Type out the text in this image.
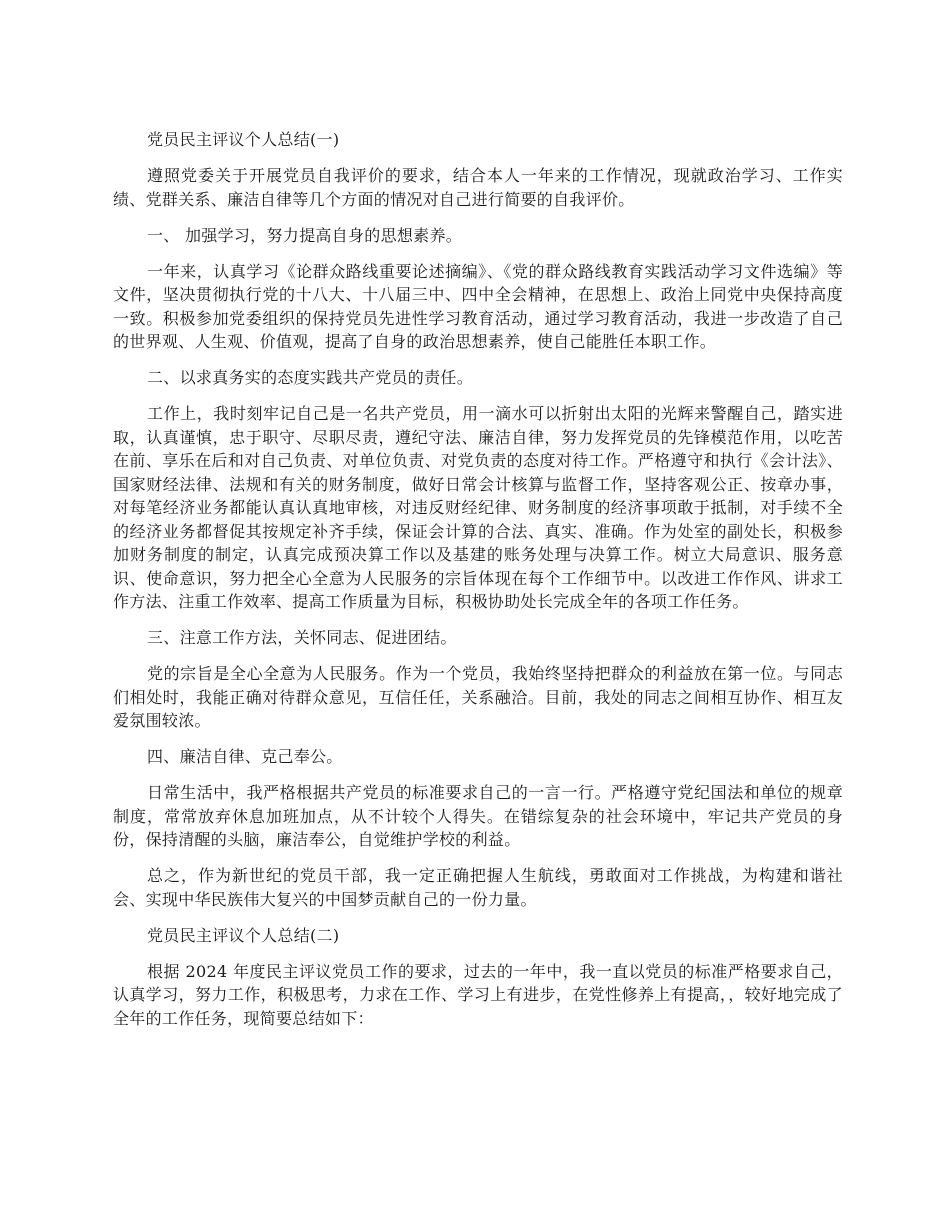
党员民主评议个人总结(一)

遵照党委关于开展党员自我评价的要求，结合本人一年来的工作情况，现就政治学习、工作实绩、党群关系、廉洁自律等几个方面的情况对自己进行简要的自我评价。

一、 加强学习，努力提高自身的思想素养。

一年来，认真学习《论群众路线重要论述摘编》、《党的群众路线教育实践活动学习文件选编》等文件，坚决贯彻执行党的十八大、十八届三中、四中全会精神，在思想上、政治上同党中央保持高度一致。积极参加党委组织的保持党员先进性学习教育活动，通过学习教育活动，我进一步改造了自己的世界观、人生观、价值观，提高了自身的政治思想素养，使自己能胜任本职工作。

二、以求真务实的态度实践共产党员的责任。

工作上，我时刻牢记自己是一名共产党员，用一滴水可以折射出太阳的光辉来警醒自己，踏实进取，认真谨慎，忠于职守、尽职尽责，遵纪守法、廉洁自律，努力发挥党员的先锋模范作用，以吃苦在前、享乐在后和对自己负责、对单位负责、对党负责的态度对待工作。严格遵守和执行《会计法》、国家财经法律、法规和有关的财务制度，做好日常会计核算与监督工作，坚持客观公正、按章办事，对每笔经济业务都能认真认真地审核，对违反财经纪律、财务制度的经济事项敢于抵制，对手续不全的经济业务都督促其按规定补齐手续，保证会计算的合法、真实、准确。作为处室的副处长，积极参加财务制度的制定，认真完成预决算工作以及基建的账务处理与决算工作。树立大局意识、服务意识、使命意识，努力把全心全意为人民服务的宗旨体现在每个工作细节中。以改进工作作风、讲求工作方法、注重工作效率、提高工作质量为目标，积极协助处长完成全年的各项工作任务。

三、注意工作方法，关怀同志、促进团结。

党的宗旨是全心全意为人民服务。作为一个党员，我始终坚持把群众的利益放在第一位。与同志们相处时，我能正确对待群众意见，互信任任，关系融洽。目前，我处的同志之间相互协作、相互友爱氛围较浓。

四、廉洁自律、克己奉公。

日常生活中，我严格根据共产党员的标准要求自己的一言一行。严格遵守党纪国法和单位的规章制度，常常放弃休息加班加点，从不计较个人得失。在错综复杂的社会环境中，牢记共产党员的身份，保持清醒的头脑，廉洁奉公，自觉维护学校的利益。

总之，作为新世纪的党员干部，我一定正确把握人生航线，勇敢面对工作挑战，为构建和谐社会、实现中华民族伟大复兴的中国梦贡献自己的一份力量。

党员民主评议个人总结(二)

根据 2024 年度民主评议党员工作的要求，过去的一年中，我一直以党员的标准严格要求自己，认真学习，努力工作，积极思考，力求在工作、学习上有进步，在党性修养上有提高，，较好地完成了全年的工作任务，现简要总结如下：
